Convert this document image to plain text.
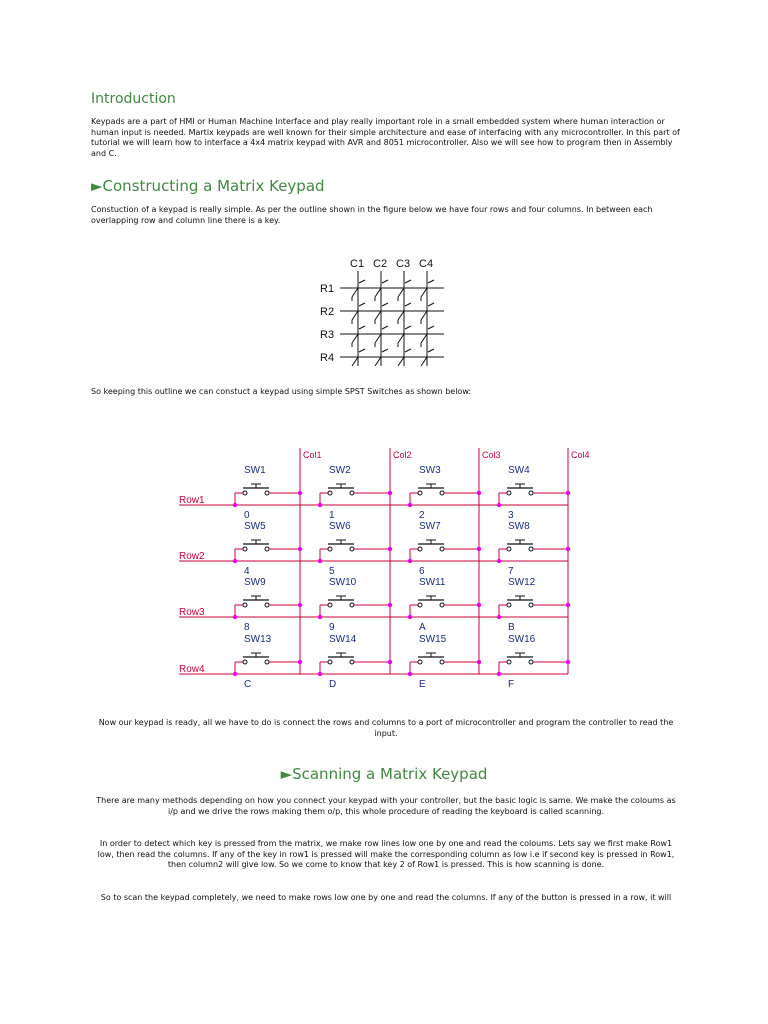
Introduction

Keypads are a part of HMI or Human Machine Interface and play really important role in a small embedded system where human interaction or human input is needed. Martix keypads are well known for their simple architecture and ease of interfacing with any microcontroller. In this part of tutorial we will learn how to interface a 4x4 matrix keypad with AVR and 8051 microcontroller. Also we will see how to program then in Assembly and C.

►Constructing a Matrix Keypad

Constuction of a keypad is really simple. As per the outline shown in the figure below we have four rows and four columns. In between each overlapping row and column line there is a key.

C1 C2 C3 C4
R1
R2
R3
R4

So keeping this outline we can constuct a keypad using simple SPST Switches as shown below:

Col1	Col2	Col3	Col4
Row1
Row2
Row3
Row4
SW1
0
SW2
1
SW3
2
SW4
3
SW5
4
SW6
5
SW7
6
SW8
7
SW9
8
SW10
9
SW11
A
SW12
B
SW13
C
SW14
D
SW15
E
SW16
F

Now our keypad is ready, all we have to do is connect the rows and columns to a port of microcontroller and program the controller to read the input.

►Scanning a Matrix Keypad

There are many methods depending on how you connect your keypad with your controller, but the basic logic is same. We make the coloums as i/p and we drive the rows making them o/p, this whole procedure of reading the keyboard is called scanning.

In order to detect which key is pressed from the matrix, we make row lines low one by one and read the coloums. Lets say we first make Row1 low, then read the columns. If any of the key in row1 is pressed will make the corresponding column as low i.e if second key is pressed in Row1, then column2 will give low. So we come to know that key 2 of Row1 is pressed. This is how scanning is done.

So to scan the keypad completely, we need to make rows low one by one and read the columns. If any of the button is pressed in a row, it will
